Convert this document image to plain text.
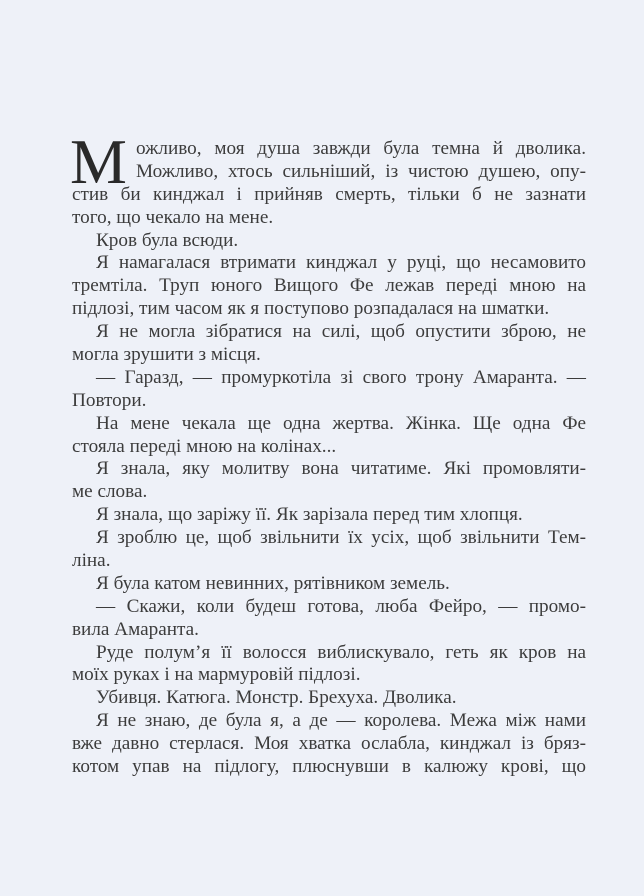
М ожливо, моя душа завжди була темна й дволика.
Можливо, хтось сильніший, із чистою душею, опу-
стив би кинджал і прийняв смерть, тільки б не зазнати
того, що чекало на мене.
Кров була всюди.
Я намагалася втримати кинджал у руці, що несамовито
тремтіла. Труп юного Вищого Фе лежав переді мною на
підлозі, тим часом як я поступово розпадалася на шматки.
Я не могла зібратися на силі, щоб опустити зброю, не
могла зрушити з місця.
— Гаразд, — промуркотіла зі свого трону Амаранта. —
Повтори.
На мене чекала ще одна жертва. Жінка. Ще одна Фе
стояла переді мною на колінах...
Я знала, яку молитву вона читатиме. Які промовляти-
ме слова.
Я знала, що заріжу її. Як зарізала перед тим хлопця.
Я зроблю це, щоб звільнити їх усіх, щоб звільнити Тем-
ліна.
Я була катом невинних, рятівником земель.
— Скажи, коли будеш готова, люба Фейро, — промо-
вила Амаранта.
Руде полум’я її волосся виблискувало, геть як кров на
моїх руках і на мармуровій підлозі.
Убивця. Катюга. Монстр. Брехуха. Дволика.
Я не знаю, де була я, а де — королева. Межа між нами
вже давно стерлася. Моя хватка ослабла, кинджал із бряз-
котом упав на підлогу, плюснувши в калюжу крові, що
